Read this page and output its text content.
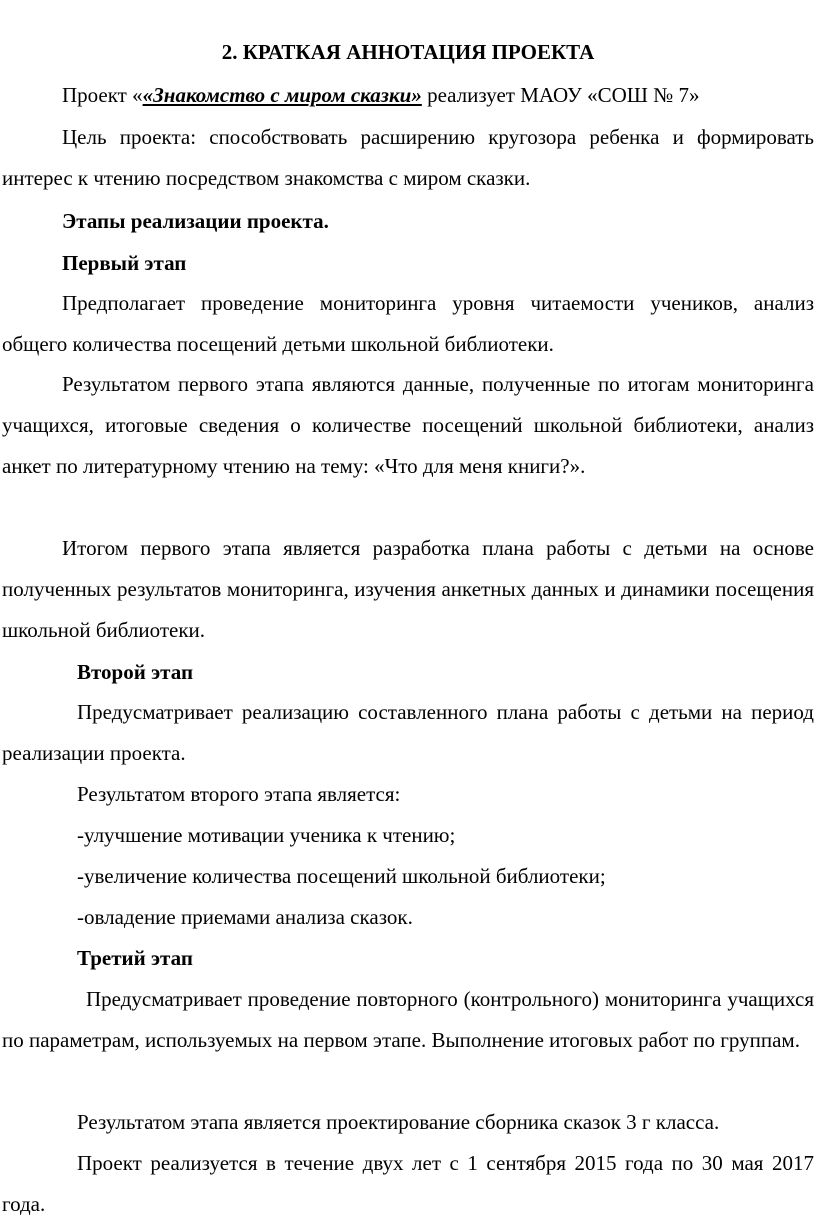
2. КРАТКАЯ АННОТАЦИЯ ПРОЕКТА
Проект ««Знакомство с миром сказки» реализует МАОУ «СОШ № 7»
Цель проекта: способствовать расширению кругозора ребенка и формировать интерес к чтению посредством знакомства с миром сказки.
Этапы реализации проекта.
Первый этап
Предполагает проведение мониторинга уровня читаемости учеников, анализ общего количества посещений детьми школьной библиотеки.
Результатом первого этапа являются данные, полученные по итогам мониторинга учащихся, итоговые сведения о количестве посещений школьной библиотеки, анализ анкет по литературному чтению на тему: «Что для меня книги?».
Итогом первого этапа является разработка плана работы с детьми на основе полученных результатов мониторинга, изучения анкетных данных и динамики посещения школьной библиотеки.
Второй этап
Предусматривает реализацию составленного плана работы с детьми на период реализации проекта.
Результатом второго этапа является:
-улучшение мотивации ученика к чтению;
-увеличение количества посещений школьной библиотеки;
-овладение приемами анализа сказок.
Третий этап
Предусматривает проведение повторного (контрольного) мониторинга учащихся по параметрам, используемых на первом этапе. Выполнение итоговых работ по группам.
Результатом этапа является проектирование сборника сказок 3 г класса.
Проект реализуется в течение двух лет с 1 сентября 2015 года по 30 мая 2017 года.
